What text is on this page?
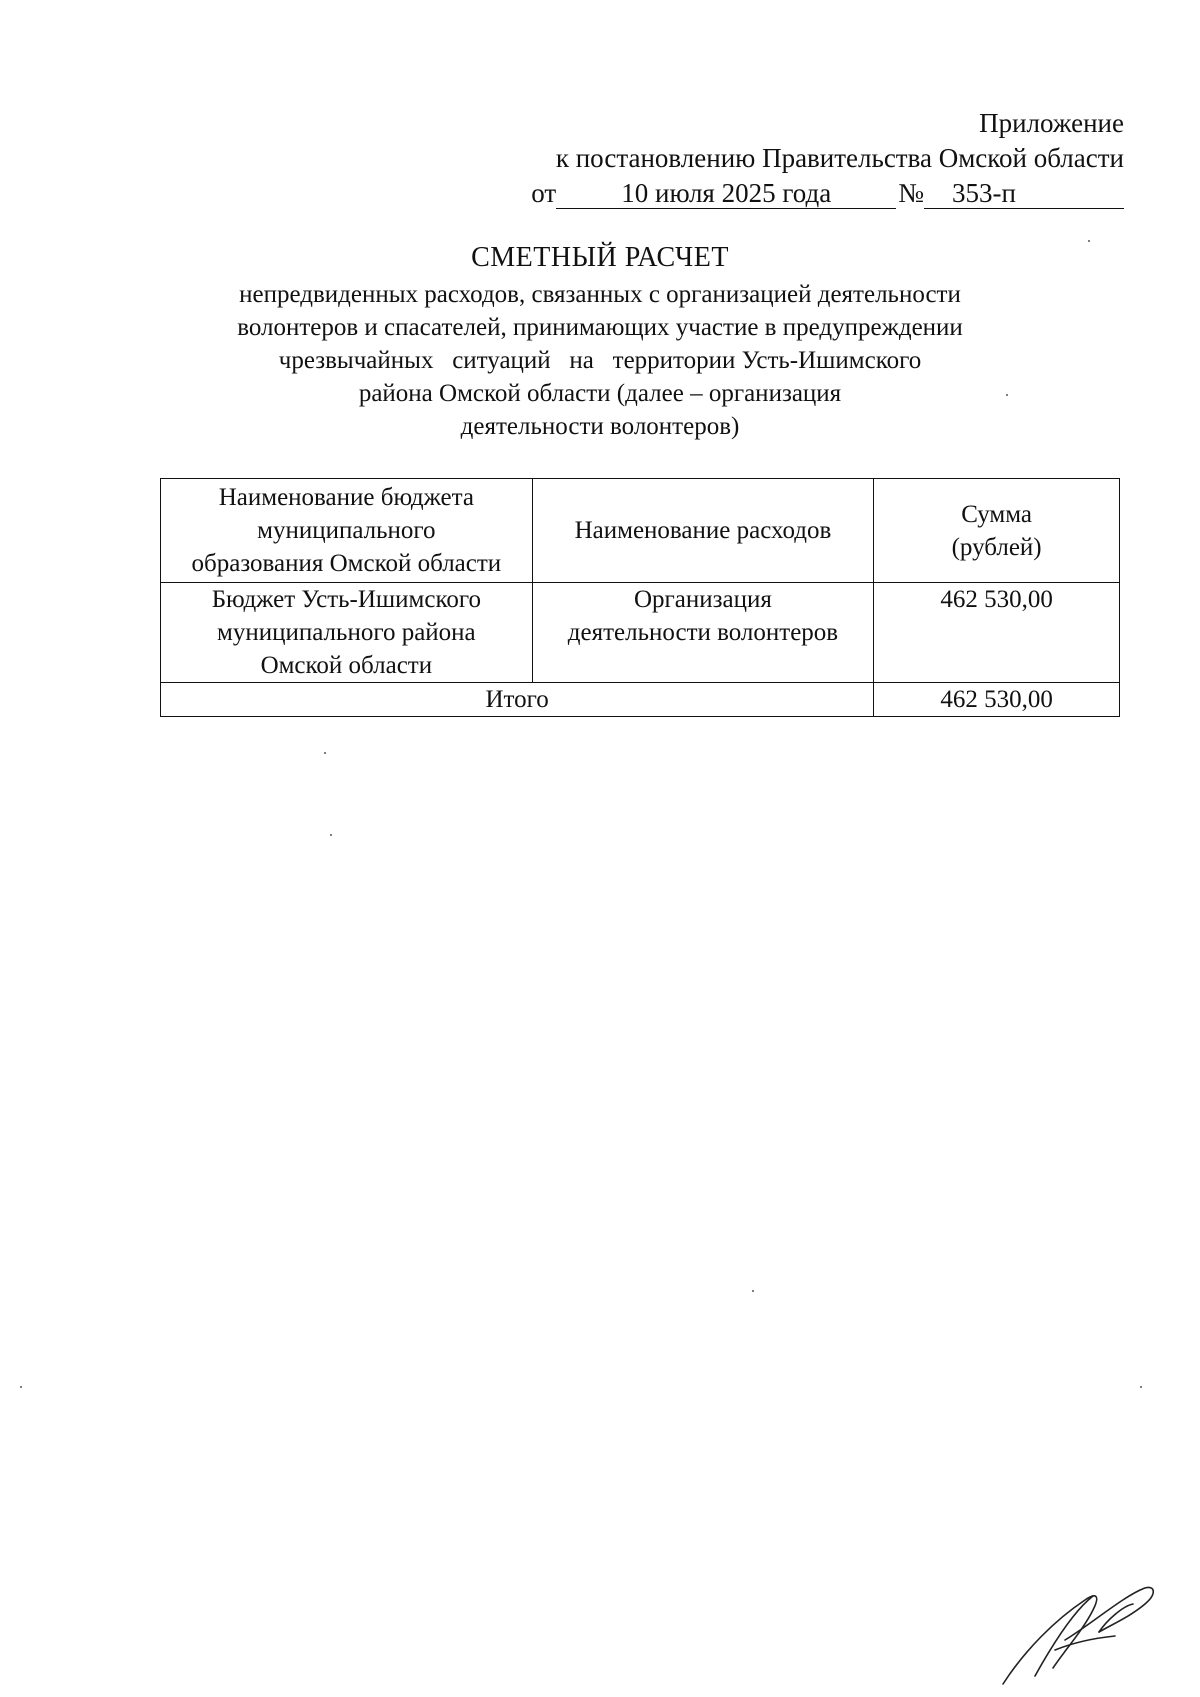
Приложение
к постановлению Правительства Омской области
от 10 июля 2025 года № 353-п
СМЕТНЫЙ РАСЧЕТ
непредвиденных расходов, связанных с организацией деятельности
волонтеров и спасателей, принимающих участие в предупреждении
чрезвычайных   ситуаций   на   территории Усть-Ишимского
района Омской области (далее – организация
деятельности волонтеров)
Наименование бюджета муниципального образования Омской области	Наименование расходов	Сумма (рублей)
Бюджет Усть-Ишимского муниципального района Омской области	Организация деятельности волонтеров	462 530,00
Итого		462 530,00
